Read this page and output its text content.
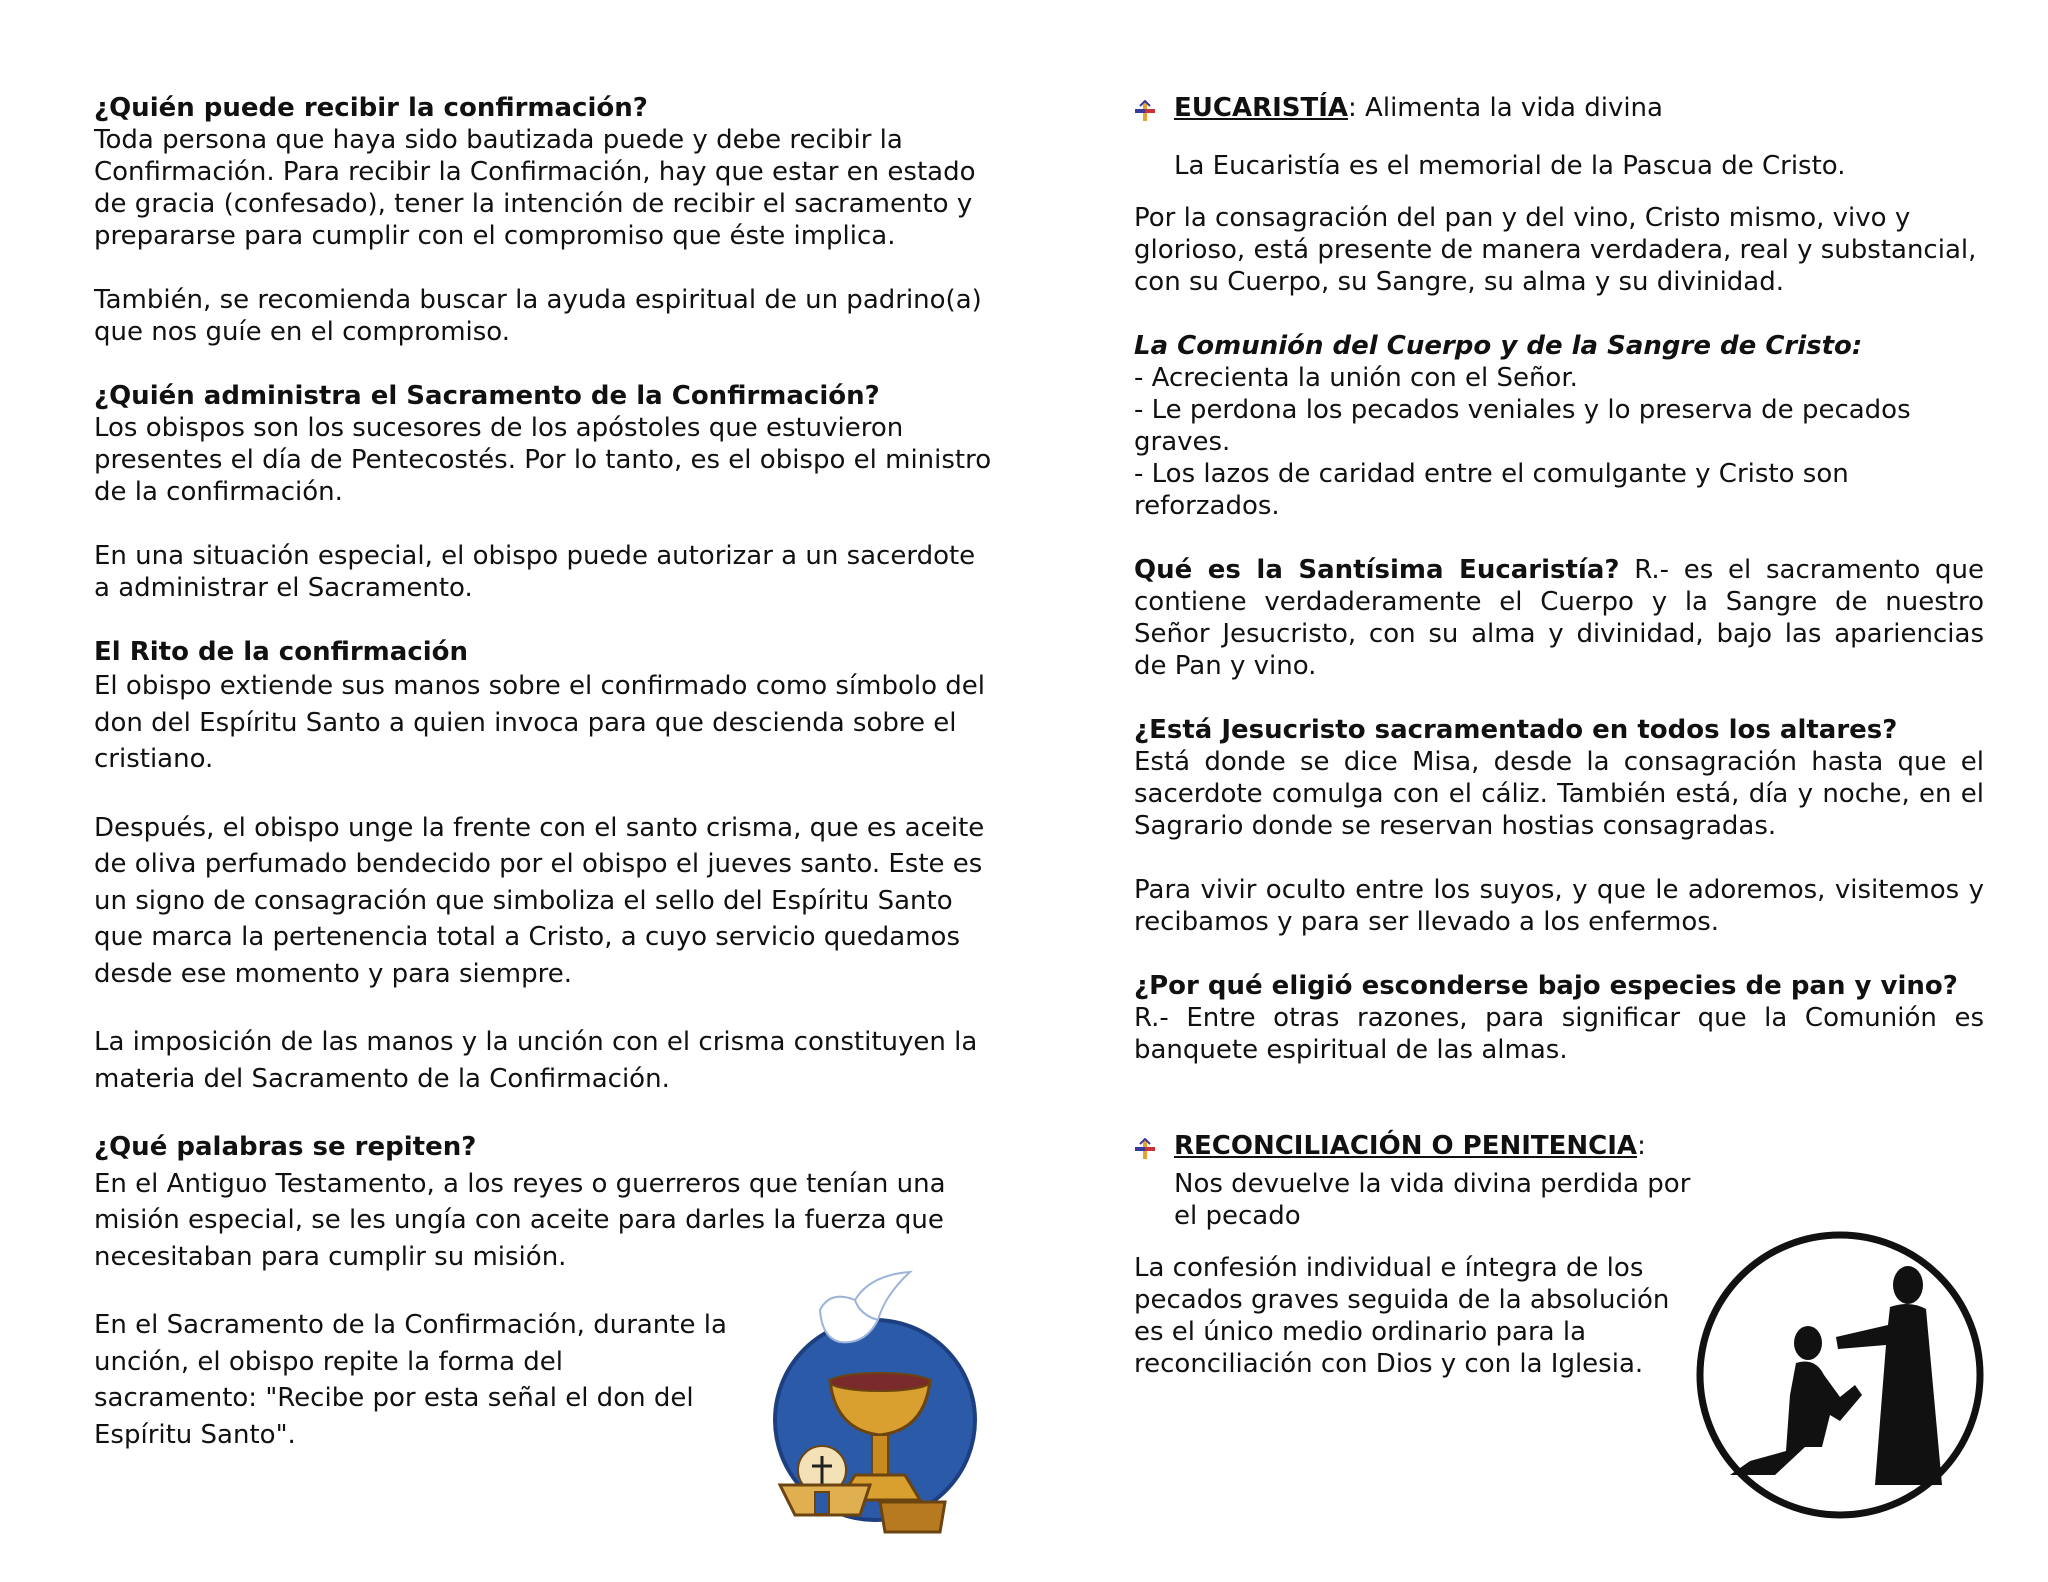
¿Quién puede recibir la confirmación?

Toda persona que haya sido bautizada puede y debe recibir la Confirmación. Para recibir la Confirmación, hay que estar en estado de gracia (confesado), tener la intención de recibir el sacramento y prepararse para cumplir con el compromiso que éste implica.

También, se recomienda buscar la ayuda espiritual de un padrino(a) que nos guíe en el compromiso.

¿Quién administra el Sacramento de la Confirmación?

Los obispos son los sucesores de los apóstoles que estuvieron presentes el día de Pentecostés. Por lo tanto, es el obispo el ministro de la confirmación.

En una situación especial, el obispo puede autorizar a un sacerdote a administrar el Sacramento.

El Rito de la confirmación

El obispo extiende sus manos sobre el confirmado como símbolo del don del Espíritu Santo a quien invoca para que descienda sobre el cristiano.

Después, el obispo unge la frente con el santo crisma, que es aceite de oliva perfumado bendecido por el obispo el jueves santo. Este es un signo de consagración que simboliza el sello del Espíritu Santo que marca la pertenencia total a Cristo, a cuyo servicio quedamos desde ese momento y para siempre.

La imposición de las manos y la unción con el crisma constituyen la materia del Sacramento de la Confirmación.

¿Qué palabras se repiten?

En el Antiguo Testamento, a los reyes o guerreros que tenían una misión especial, se les ungía con aceite para darles la fuerza que necesitaban para cumplir su misión.

En el Sacramento de la Confirmación, durante la unción, el obispo repite la forma del sacramento: "Recibe por esta señal el don del Espíritu Santo".

EUCARISTÍA: Alimenta la vida divina

La Eucaristía es el memorial de la Pascua de Cristo.

Por la consagración del pan y del vino, Cristo mismo, vivo y glorioso, está presente de manera verdadera, real y substancial, con su Cuerpo, su Sangre, su alma y su divinidad.

La Comunión del Cuerpo y de la Sangre de Cristo:

- Acrecienta la unión con el Señor.

- Le perdona los pecados veniales y lo preserva de pecados graves.

- Los lazos de caridad entre el comulgante y Cristo son reforzados.

Qué es la Santísima Eucaristía? R.- es el sacramento que contiene verdaderamente el Cuerpo y la Sangre de nuestro Señor Jesucristo, con su alma y divinidad, bajo las apariencias de Pan y vino.

¿Está Jesucristo sacramentado en todos los altares?

Está donde se dice Misa, desde la consagración hasta que el sacerdote comulga con el cáliz. También está, día y noche, en el Sagrario donde se reservan hostias consagradas.

Para vivir oculto entre los suyos, y que le adoremos, visitemos y recibamos y para ser llevado a los enfermos.

¿Por qué eligió esconderse bajo especies de pan y vino?

R.- Entre otras razones, para significar que la Comunión es banquete espiritual de las almas.

RECONCILIACIÓN O PENITENCIA:

Nos devuelve la vida divina perdida por el pecado

La confesión individual e íntegra de los pecados graves seguida de la absolución es el único medio ordinario para la reconciliación con Dios y con la Iglesia.
